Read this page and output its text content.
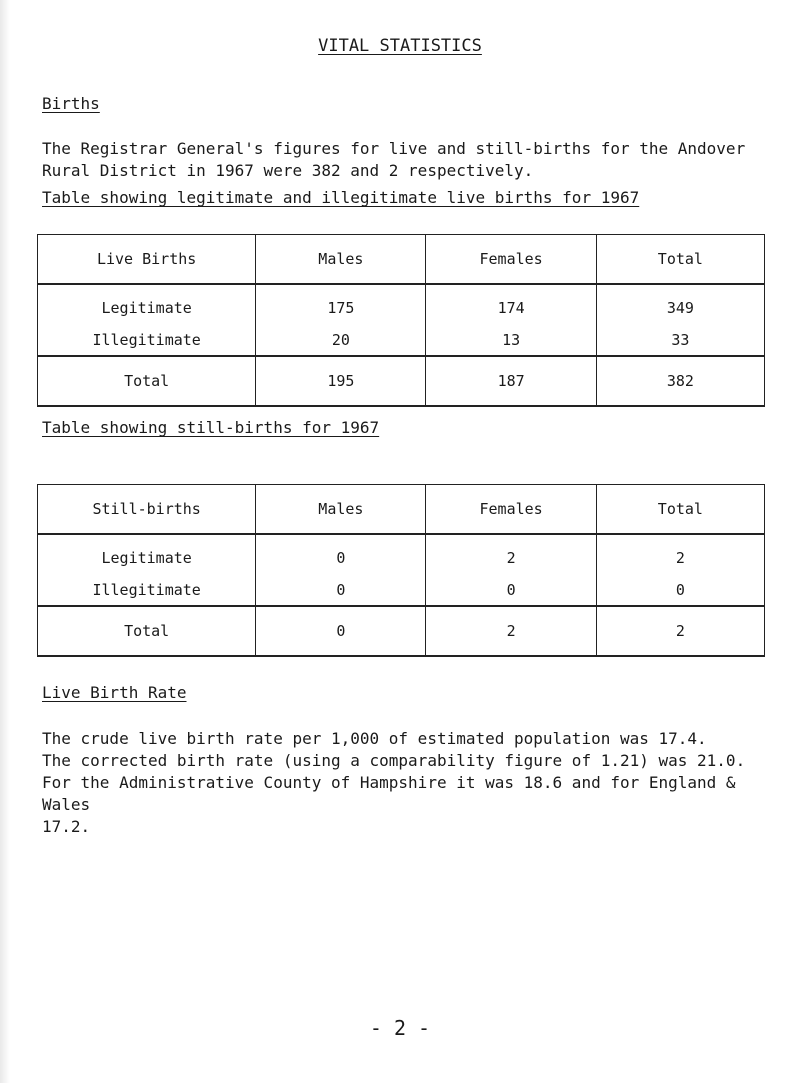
VITAL STATISTICS
Births

The Registrar General's figures for live and still-births for the Andover

Rural District in 1967 were 382 and 2 respectively.

Table showing legitimate and illegitimate live births for 1967
Live Births	Males	Females	Total
Legitimate	175	174	349
Illegitimate	20	13	33
Total	195	187	382
Table showing still-births for 1967
Still-births	Males	Females	Total
Legitimate	0	2	2
Illegitimate	0	0	0
Total	0	2	2
Live Birth Rate

The crude live birth rate per 1,000 of estimated population was 17.4.

The corrected birth rate (using a comparability figure of 1.21) was 21.0.

For the Administrative County of Hampshire it was 18.6 and for England & Wales

17.2.

- 2 -
